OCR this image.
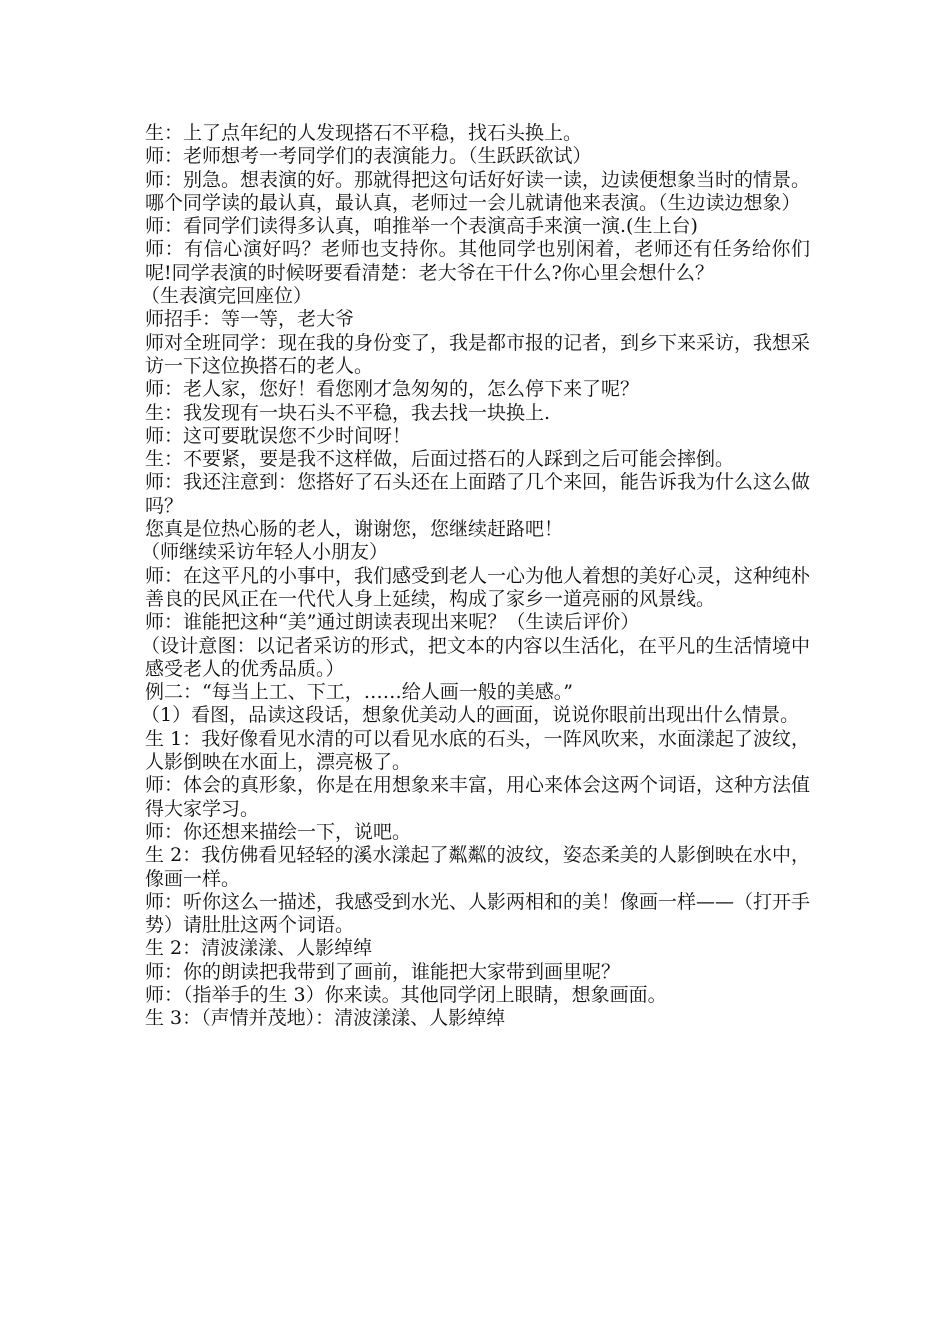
生：上了点年纪的人发现搭石不平稳，找石头换上。

师：老师想考一考同学们的表演能力。（生跃跃欲试）

师：别急。想表演的好。那就得把这句话好好读一读，边读便想象当时的情景。哪个同学读的最认真，最认真，老师过一会儿就请他来表演。（生边读边想象）

师：看同学们读得多认真，咱推举一个表演高手来演一演.(生上台)

师：有信心演好吗？老师也支持你。其他同学也别闲着，老师还有任务给你们呢!同学表演的时候呀要看清楚：老大爷在干什么?你心里会想什么？

（生表演完回座位）

师招手：等一等，老大爷

师对全班同学：现在我的身份变了，我是都市报的记者，到乡下来采访，我想采访一下这位换搭石的老人。

师：老人家，您好！看您刚才急匆匆的，怎么停下来了呢？

生：我发现有一块石头不平稳，我去找一块换上.

师：这可要耽误您不少时间呀！

生：不要紧，要是我不这样做，后面过搭石的人踩到之后可能会摔倒。

师：我还注意到：您搭好了石头还在上面踏了几个来回，能告诉我为什么这么做吗？

您真是位热心肠的老人，谢谢您，您继续赶路吧！

（师继续采访年轻人小朋友）

师：在这平凡的小事中，我们感受到老人一心为他人着想的美好心灵，这种纯朴善良的民风正在一代代人身上延续，构成了家乡一道亮丽的风景线。

师：谁能把这种“美”通过朗读表现出来呢？（生读后评价）

（设计意图：以记者采访的形式，把文本的内容以生活化，在平凡的生活情境中感受老人的优秀品质。）

例二：“每当上工、下工，……给人画一般的美感。”

（1）看图，品读这段话，想象优美动人的画面，说说你眼前出现出什么情景。

生 1：我好像看见水清的可以看见水底的石头，一阵风吹来，水面漾起了波纹，人影倒映在水面上，漂亮极了。

师：体会的真形象，你是在用想象来丰富，用心来体会这两个词语，这种方法值得大家学习。

师：你还想来描绘一下，说吧。

生 2：我仿佛看见轻轻的溪水漾起了粼粼的波纹，姿态柔美的人影倒映在水中，像画一样。

师：听你这么一描述，我感受到水光、人影两相和的美！像画一样——（打开手势）请肚肚这两个词语。

生 2：清波漾漾、人影绰绰

师：你的朗读把我带到了画前，谁能把大家带到画里呢？

师：（指举手的生 3）你来读。其他同学闭上眼睛，想象画面。

生 3：（声情并茂地）：清波漾漾、人影绰绰
